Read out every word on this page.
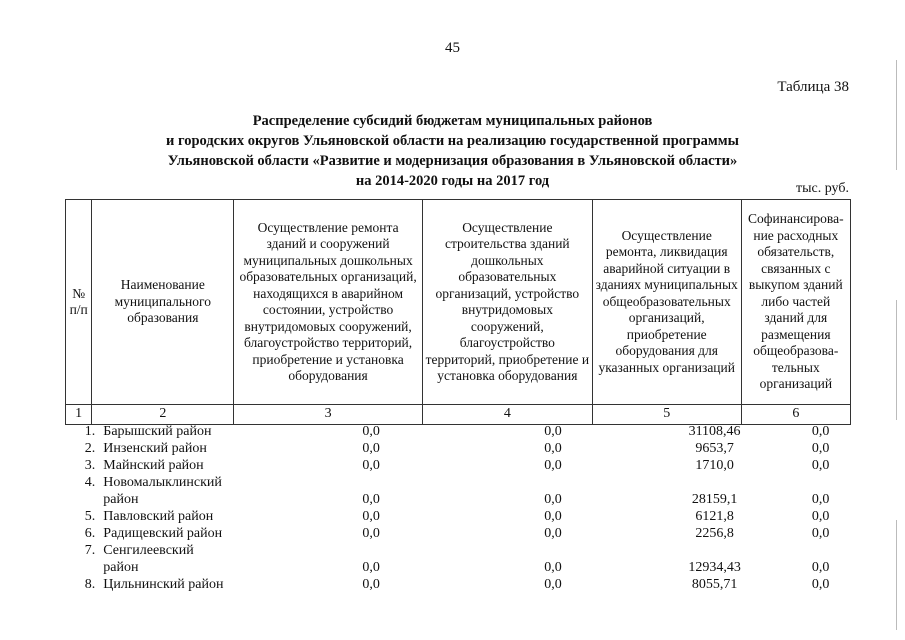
45
Таблица 38
Распределение субсидий бюджетам муниципальных районов
и городских округов Ульяновской области на реализацию государственной программы
Ульяновской области «Развитие и модернизация образования в Ульяновской области»
на 2014-2020 годы на 2017 год	тыс. руб.
№
п/п	Наименование муниципального образования	Осуществление ремонта зданий и сооружений муниципальных дошкольных образовательных организаций, находящихся в аварийном состоянии, устройство внутридомовых сооружений, благоустройство территорий, приобретение и установка оборудования	Осуществление строительства зданий дошкольных образовательных организаций, устройство внутридомовых сооружений, благоустройство территорий, приобретение и установка оборудования	Осуществление ремонта, ликвидация аварийной ситуации в зданиях муниципальных общеобразовательных организаций, приобретение оборудования для указанных организаций	Софинансирова-ние расходных обязательств, связанных с выкупом зданий либо частей зданий для размещения общеобразова-тельных организаций
1	2	3	4	5	6
1.	Барышский район	0,0	0,0	31108,46	0,0
2.	Инзенский район	0,0	0,0	9653,7	0,0
3.	Майнский район	0,0	0,0	1710,0	0,0
4.	Новомалыклинский				
	район	0,0	0,0	28159,1	0,0
5.	Павловский район	0,0	0,0	6121,8	0,0
6.	Радищевский район	0,0	0,0	2256,8	0,0
7.	Сенгилеевский				
	район	0,0	0,0	12934,43	0,0
8.	Цильнинский район	0,0	0,0	8055,71	0,0
